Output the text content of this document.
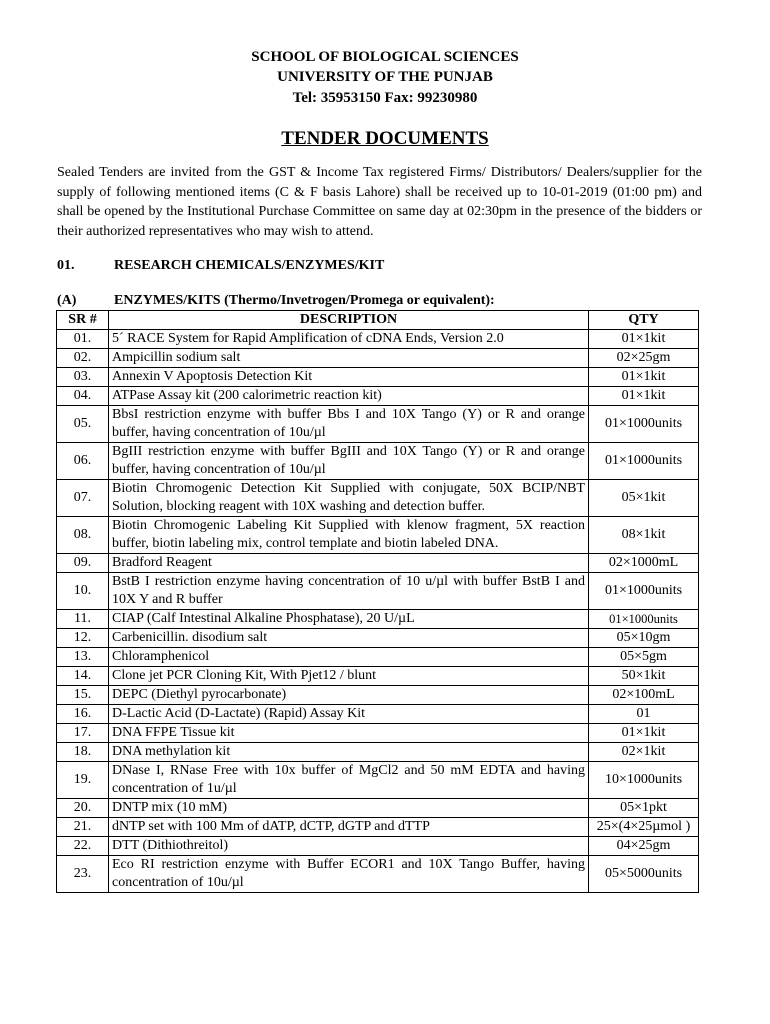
SCHOOL OF BIOLOGICAL SCIENCES
UNIVERSITY OF THE PUNJAB
Tel: 35953150 Fax: 99230980
TENDER DOCUMENTS
Sealed Tenders are invited from the GST & Income Tax registered Firms/ Distributors/ Dealers/supplier for the supply of following mentioned items (C & F basis Lahore) shall be received up to 10-01-2019 (01:00 pm) and shall be opened by the Institutional Purchase Committee on same day at 02:30pm in the presence of the bidders or their authorized representatives who may wish to attend.
01.	RESEARCH CHEMICALS/ENZYMES/KIT
(A)	ENZYMES/KITS (Thermo/Invetrogen/Promega or equivalent):
SR #	DESCRIPTION	QTY
01.	5´ RACE System for Rapid Amplification of cDNA Ends, Version 2.0	01×1kit
02.	Ampicillin sodium salt	02×25gm
03.	Annexin V Apoptosis Detection Kit	01×1kit
04.	ATPase Assay kit (200 calorimetric reaction kit)	01×1kit
05.	BbsI restriction enzyme with buffer Bbs I and 10X Tango (Y) or R and orange buffer, having concentration of 10u/µl	01×1000units
06.	BgIII restriction enzyme with buffer BgIII and 10X Tango (Y) or R and orange buffer, having concentration of 10u/µl	01×1000units
07.	Biotin Chromogenic Detection Kit Supplied with conjugate, 50X BCIP/NBT Solution, blocking reagent with 10X washing and detection buffer.	05×1kit
08.	Biotin Chromogenic Labeling Kit Supplied with klenow fragment, 5X reaction buffer, biotin labeling mix, control template and biotin labeled DNA.	08×1kit
09.	Bradford Reagent	02×1000mL
10.	BstB I restriction enzyme having concentration of 10 u/µl with buffer BstB I and 10X Y and R buffer	01×1000units
11.	CIAP (Calf Intestinal Alkaline Phosphatase), 20 U/µL	01×1000units
12.	Carbenicillin. disodium salt	05×10gm
13.	Chloramphenicol	05×5gm
14.	Clone jet PCR Cloning Kit, With Pjet12 / blunt	50×1kit
15.	DEPC (Diethyl pyrocarbonate)	02×100mL
16.	D-Lactic Acid (D-Lactate) (Rapid) Assay Kit	01
17.	DNA FFPE Tissue kit	01×1kit
18.	DNA methylation kit	02×1kit
19.	DNase I, RNase Free with 10x buffer of MgCl2 and 50 mM EDTA and having concentration of 1u/µl	10×1000units
20.	DNTP mix (10 mM)	05×1pkt
21.	dNTP set with 100 Mm of dATP, dCTP, dGTP and dTTP	25×(4×25µmol )
22.	DTT (Dithiothreitol)	04×25gm
23.	Eco RI restriction enzyme with Buffer ECOR1 and 10X Tango Buffer, having concentration of 10u/µl	05×5000units
